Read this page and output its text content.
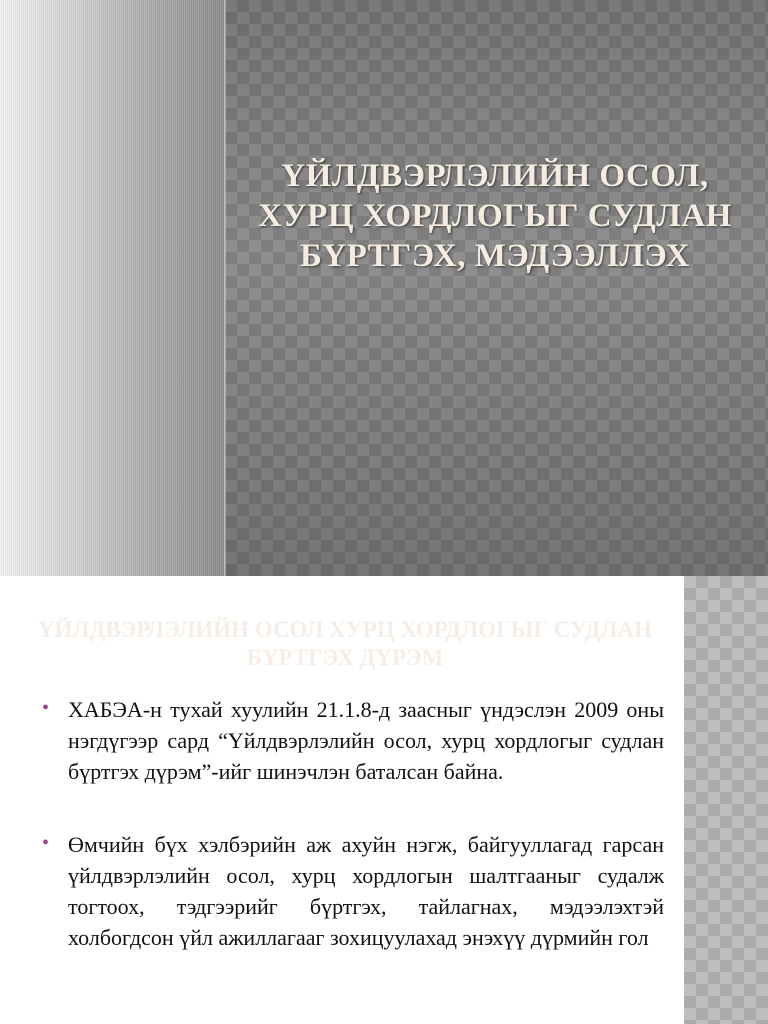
ҮЙЛДВЭРЛЭЛИЙН ОСОЛ, ХУРЦ ХОРДЛОГЫГ СУДЛАН БҮРТГЭХ, МЭДЭЭЛЛЭХ
ҮЙЛДВЭРЛЭЛИЙН ОСОЛ ХУРЦ ХОРДЛОГЫГ СУДЛАН БҮРТГЭХ ДҮРЭМ
• ХАБЭА-н тухай хуулийн 21.1.8-д заасныг үндэслэн 2009 оны нэгдүгээр сард “Үйлдвэрлэлийн осол, хурц хордлогыг судлан бүртгэх дүрэм”-ийг шинэчлэн баталсан байна.
• Өмчийн бүх хэлбэрийн аж ахуйн нэгж, байгууллагад гарсан үйлдвэрлэлийн осол, хурц хордлогын шалтгааныг судалж тогтоох, тэдгээрийг бүртгэх, тайлагнах, мэдээлэхтэй холбогдсон үйл ажиллагааг зохицуулахад энэхүү дүрмийн гол
